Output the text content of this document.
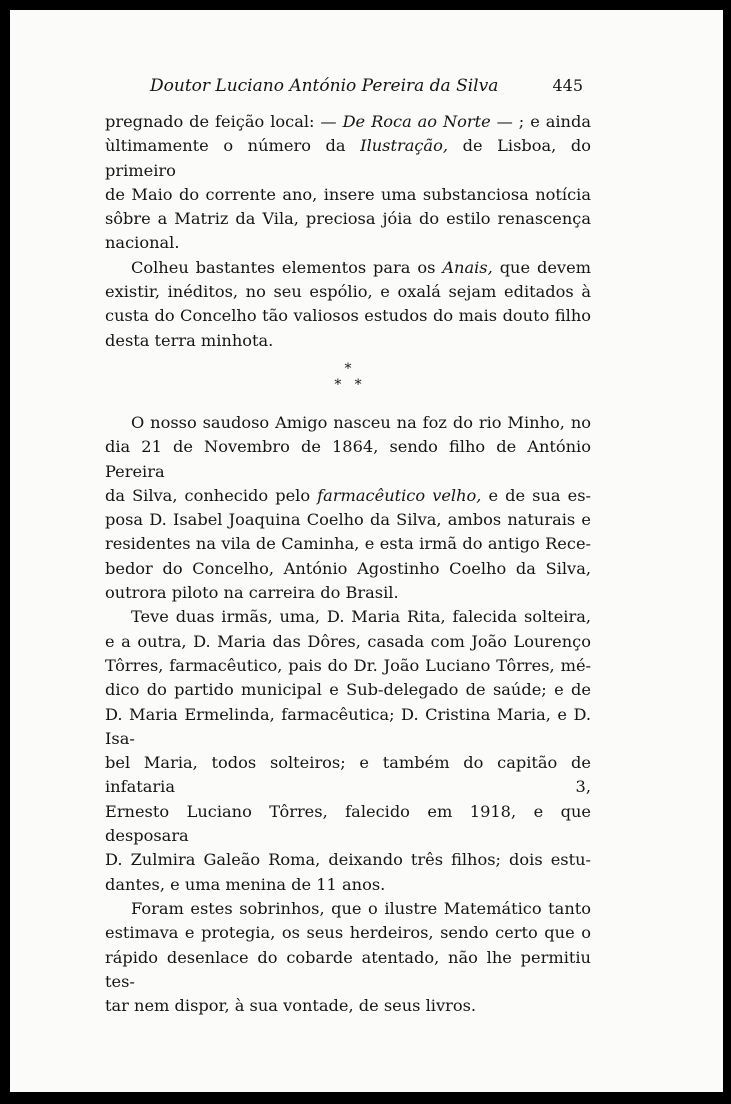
Doutor Luciano António Pereira da Silva	445
pregnado de feição local: — De Roca ao Norte — ; e ainda
ùltimamente o número da Ilustração, de Lisboa, do primeiro
de Maio do corrente ano, insere uma substanciosa notícia
sôbre a Matriz da Vila, preciosa jóia do estilo renascença
nacional.
Colheu bastantes elementos para os Anais, que devem
existir, inéditos, no seu espólio, e oxalá sejam editados à
custa do Concelho tão valiosos estudos do mais douto filho
desta terra minhota.
*
*   *
O nosso saudoso Amigo nasceu na foz do rio Minho, no
dia 21 de Novembro de 1864, sendo filho de António Pereira
da Silva, conhecido pelo farmacêutico velho, e de sua es-
posa D. Isabel Joaquina Coelho da Silva, ambos naturais e
residentes na vila de Caminha, e esta irmã do antigo Rece-
bedor do Concelho, António Agostinho Coelho da Silva,
outrora piloto na carreira do Brasil.
Teve duas irmãs, uma, D. Maria Rita, falecida solteira,
e a outra, D. Maria das Dôres, casada com João Lourenço
Tôrres, farmacêutico, pais do Dr. João Luciano Tôrres, mé-
dico do partido municipal e Sub-delegado de saúde; e de
D. Maria Ermelinda, farmacêutica; D. Cristina Maria, e D. Isa-
bel Maria, todos solteiros; e também do capitão de infataria 3,
Ernesto Luciano Tôrres, falecido em 1918, e que desposara
D. Zulmira Galeão Roma, deixando três filhos; dois estu-
dantes, e uma menina de 11 anos.
Foram estes sobrinhos, que o ilustre Matemático tanto
estimava e protegia, os seus herdeiros, sendo certo que o
rápido desenlace do cobarde atentado, não lhe permitiu tes-
tar nem dispor, à sua vontade, de seus livros.
